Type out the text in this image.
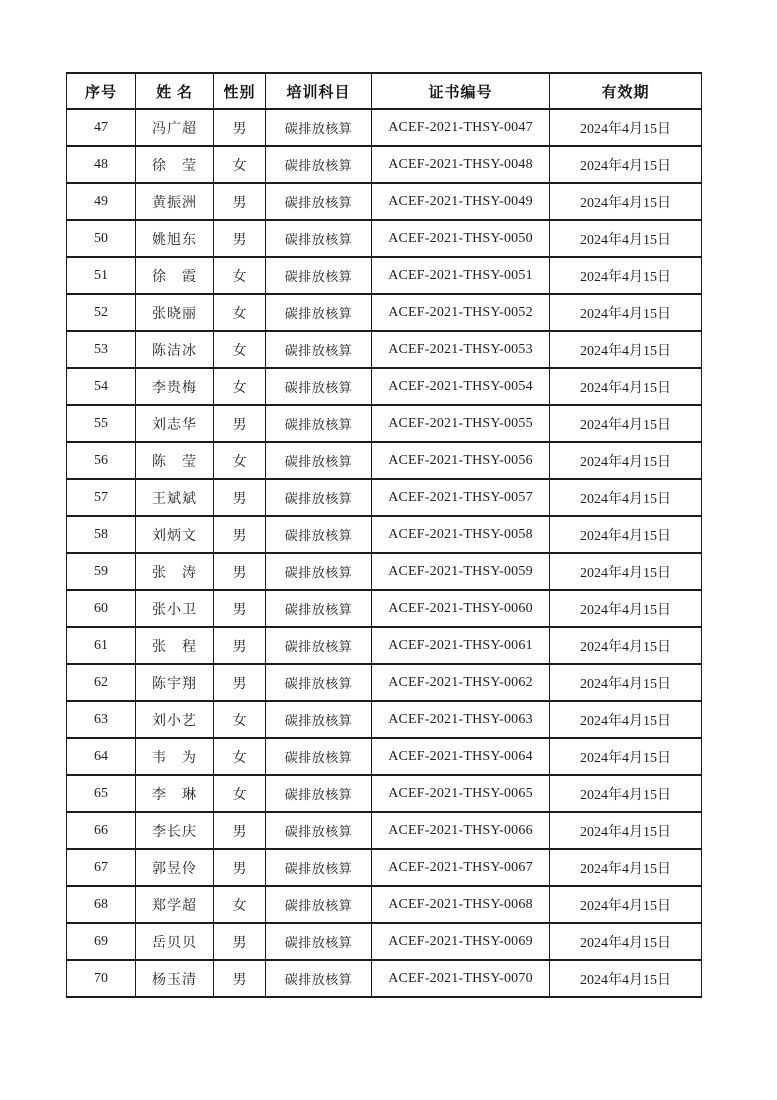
序号	姓 名	性别	培训科目	证书编号	有效期
47	冯广超	男	碳排放核算	ACEF-2021-THSY-0047	2024年4月15日
48	徐　莹	女	碳排放核算	ACEF-2021-THSY-0048	2024年4月15日
49	黄振洲	男	碳排放核算	ACEF-2021-THSY-0049	2024年4月15日
50	姚旭东	男	碳排放核算	ACEF-2021-THSY-0050	2024年4月15日
51	徐　霞	女	碳排放核算	ACEF-2021-THSY-0051	2024年4月15日
52	张晓丽	女	碳排放核算	ACEF-2021-THSY-0052	2024年4月15日
53	陈洁冰	女	碳排放核算	ACEF-2021-THSY-0053	2024年4月15日
54	李贵梅	女	碳排放核算	ACEF-2021-THSY-0054	2024年4月15日
55	刘志华	男	碳排放核算	ACEF-2021-THSY-0055	2024年4月15日
56	陈　莹	女	碳排放核算	ACEF-2021-THSY-0056	2024年4月15日
57	王斌斌	男	碳排放核算	ACEF-2021-THSY-0057	2024年4月15日
58	刘炳文	男	碳排放核算	ACEF-2021-THSY-0058	2024年4月15日
59	张　涛	男	碳排放核算	ACEF-2021-THSY-0059	2024年4月15日
60	张小卫	男	碳排放核算	ACEF-2021-THSY-0060	2024年4月15日
61	张　程	男	碳排放核算	ACEF-2021-THSY-0061	2024年4月15日
62	陈宇翔	男	碳排放核算	ACEF-2021-THSY-0062	2024年4月15日
63	刘小艺	女	碳排放核算	ACEF-2021-THSY-0063	2024年4月15日
64	韦　为	女	碳排放核算	ACEF-2021-THSY-0064	2024年4月15日
65	李　琳	女	碳排放核算	ACEF-2021-THSY-0065	2024年4月15日
66	李长庆	男	碳排放核算	ACEF-2021-THSY-0066	2024年4月15日
67	郭昱伶	男	碳排放核算	ACEF-2021-THSY-0067	2024年4月15日
68	郑学超	女	碳排放核算	ACEF-2021-THSY-0068	2024年4月15日
69	岳贝贝	男	碳排放核算	ACEF-2021-THSY-0069	2024年4月15日
70	杨玉清	男	碳排放核算	ACEF-2021-THSY-0070	2024年4月15日
